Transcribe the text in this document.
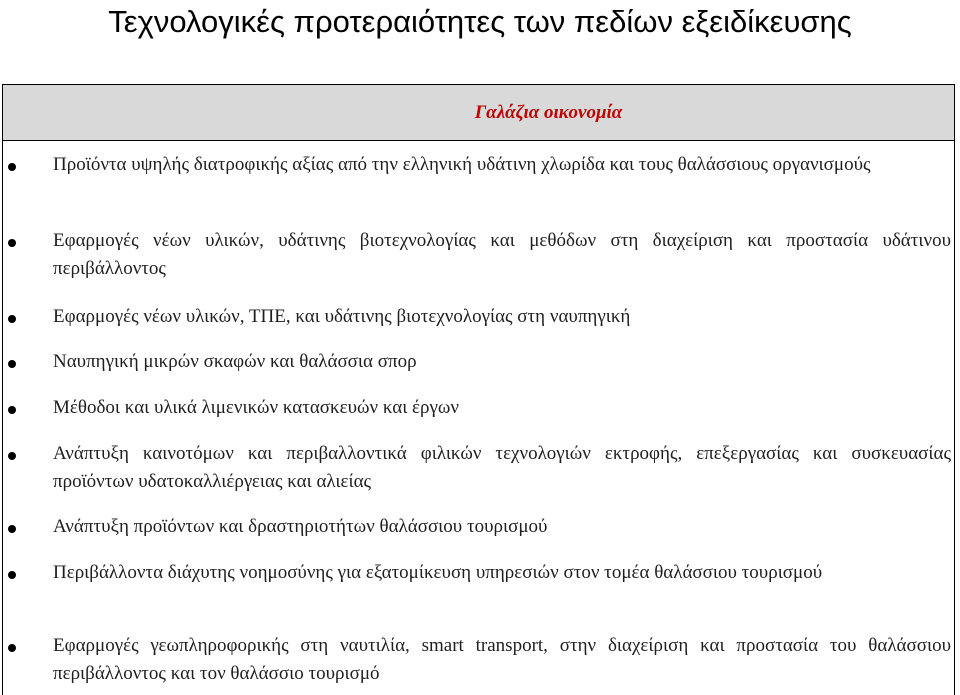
Τεχνολογικές προτεραιότητες των πεδίων εξειδίκευσης
Γαλάζια οικονομία
Προϊόντα υψηλής διατροφικής αξίας από την ελληνική υδάτινη χλωρίδα και τους θαλάσσιους οργανισμούς
Εφαρμογές νέων υλικών, υδάτινης βιοτεχνολογίας και μεθόδων στη διαχείριση και προστασία υδάτινου περιβάλλοντος
Εφαρμογές νέων υλικών, ΤΠΕ, και υδάτινης βιοτεχνολογίας στη ναυπηγική
Ναυπηγική μικρών σκαφών και θαλάσσια σπορ
Μέθοδοι και υλικά λιμενικών κατασκευών και έργων
Ανάπτυξη καινοτόμων και περιβαλλοντικά φιλικών τεχνολογιών εκτροφής, επεξεργασίας και συσκευασίας προϊόντων υδατοκαλλιέργειας και αλιείας
Ανάπτυξη προϊόντων και δραστηριοτήτων θαλάσσιου τουρισμού
Περιβάλλοντα διάχυτης νοημοσύνης για εξατομίκευση υπηρεσιών στον τομέα θαλάσσιου τουρισμού
Εφαρμογές γεωπληροφορικής στη ναυτιλία, smart transport, στην διαχείριση και προστασία του θαλάσσιου περιβάλλοντος και τον θαλάσσιο τουρισμό
